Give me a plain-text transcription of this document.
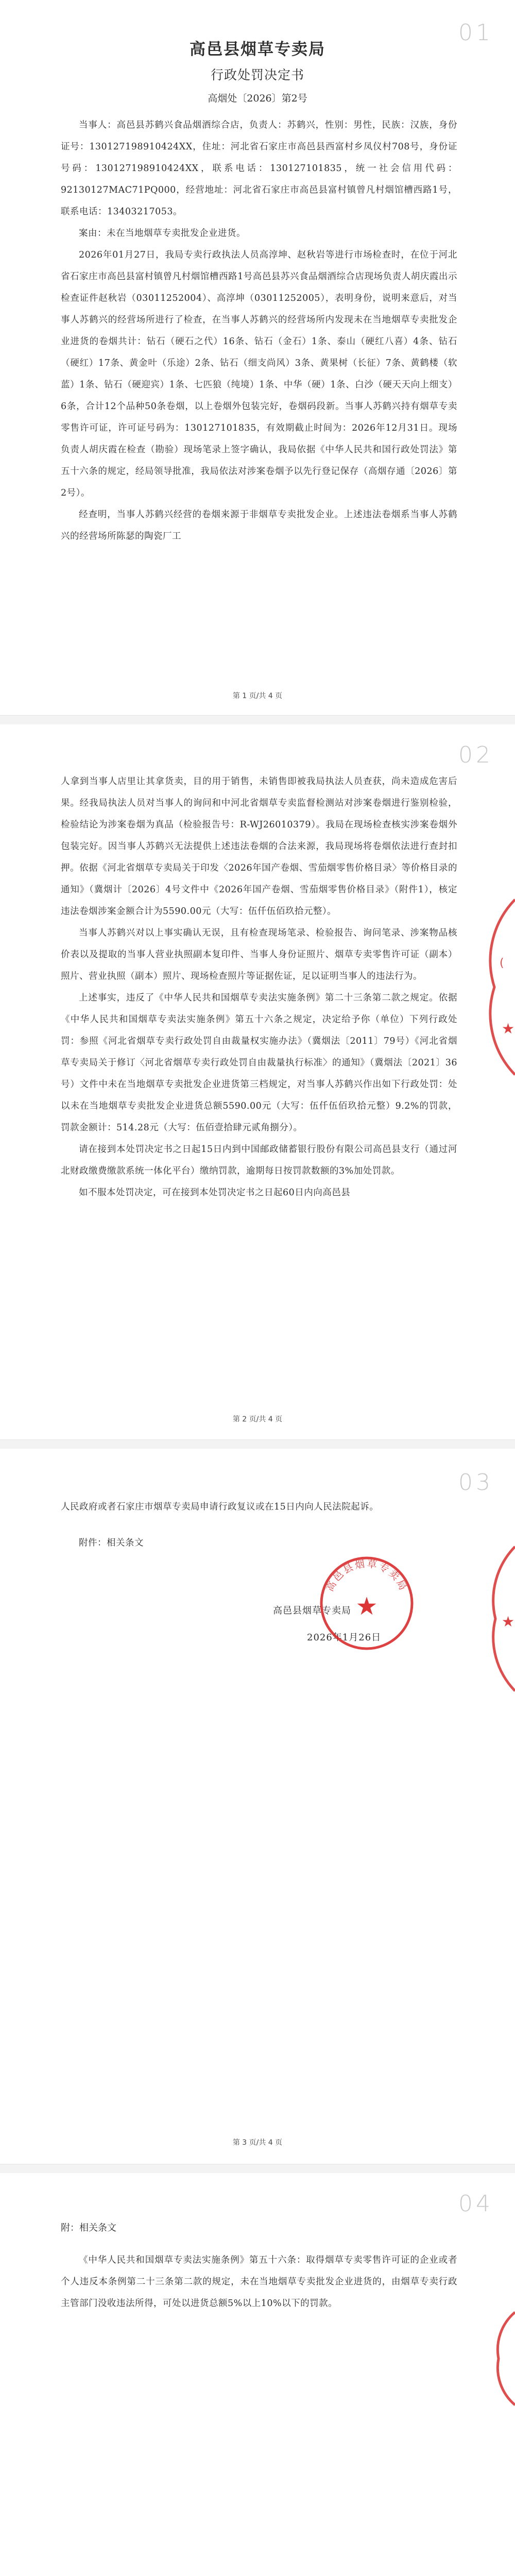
01
高邑县烟草专卖局
行政处罚决定书
高烟处〔2026〕第2号

当事人：高邑县苏鹤兴食品烟酒综合店，负责人：苏鹤兴，性别：男性，民族：汉族，身份证号：130127198910424XX，住址：河北省石家庄市高邑县西富村乡凤仪村708号，身份证号码：130127198910424XX，联系电话：130127101835，统一社会信用代码：92130127MAC71PQ000，经营地址：河北省石家庄市高邑县富村镇曾凡村烟馆槽西路1号，联系电话：13403217053。

案由：未在当地烟草专卖批发企业进货。

2026年01月27日，我局专卖行政执法人员高淳坤、赵秋岩等进行市场检查时，在位于河北省石家庄市高邑县富村镇曾凡村烟馆槽西路1号高邑县苏兴食品烟酒综合店现场负责人胡庆霞出示检查证件赵秋岩（03011252004）、高淳坤（03011252005），表明身份，说明来意后，对当事人苏鹤兴的经营场所进行了检查，在当事人苏鹤兴的经营场所内发现未在当地烟草专卖批发企业进货的卷烟共计：钻石（硬石之代）16条、钻石（金石）1条、泰山（硬红八喜）4条、钻石（硬红）17条、黄金叶（乐途）2条、钻石（细支尚风）3条、黄果树（长征）7条、黄鹤楼（软蓝）1条、钻石（硬迎宾）1条、七匹狼（纯境）1条、中华（硬）1条、白沙（硬天天向上细支）6条，合计12个品种50条卷烟，以上卷烟外包装完好，卷烟码段新。当事人苏鹤兴持有烟草专卖零售许可证，许可证号码为：130127101835，有效期截止时间为：2026年12月31日。现场负责人胡庆霞在检查（勘验）现场笔录上签字确认，我局依据《中华人民共和国行政处罚法》第五十六条的规定，经局领导批准，我局依法对涉案卷烟予以先行登记保存（高烟存通〔2026〕第2号）。

经查明，当事人苏鹤兴经营的卷烟来源于非烟草专卖批发企业。上述违法卷烟系当事人苏鹤兴的经营场所陈瑟的陶瓷厂工

第 1 页/共 4 页
02

人拿到当事人店里让其拿货卖，目的用于销售，未销售即被我局执法人员查获，尚未造成危害后果。经我局执法人员对当事人的询问和中河北省烟草专卖监督检测站对涉案卷烟进行鉴别检验，检验结论为涉案卷烟为真品（检验报告号：R-WJ26010379）。我局在现场检查核实涉案卷烟外包装完好。因当事人苏鹤兴无法提供上述违法卷烟的合法来源，我局现场将卷烟依法进行查封扣押。依据《河北省烟草专卖局关于印发〈2026年国产卷烟、雪茄烟零售价格目录〉等价格目录的通知》（冀烟计〔2026〕4号文件中《2026年国产卷烟、雪茄烟零售价格目录》（附件1），核定违法卷烟涉案金额合计为5590.00元（大写：伍仟伍佰玖拾元整）。

当事人苏鹤兴对以上事实确认无误，且有检查现场笔录、检验报告、询问笔录、涉案物品核价表以及提取的当事人营业执照副本复印件、当事人身份证照片、烟草专卖零售许可证（副本）照片、营业执照（副本）照片、现场检查照片等证据佐证，足以证明当事人的违法行为。

上述事实，违反了《中华人民共和国烟草专卖法实施条例》第二十三条第二款之规定。依据《中华人民共和国烟草专卖法实施条例》第五十六条之规定，决定给予你（单位）下列行政处罚：参照《河北省烟草专卖行政处罚自由裁量权实施办法》（冀烟法〔2011〕79号）《河北省烟草专卖局关于修订〈河北省烟草专卖行政处罚自由裁量执行标准〉的通知》（冀烟法〔2021〕36号）文件中未在当地烟草专卖批发企业进货第三档规定，对当事人苏鹤兴作出如下行政处罚：处以未在当地烟草专卖批发企业进货总额5590.00元（大写：伍仟伍佰玖拾元整）9.2%的罚款，罚款金额计：514.28元（大写：伍佰壹拾肆元贰角捌分）。

请在接到本处罚决定书之日起15日内到中国邮政储蓄银行股份有限公司高邑县支行（通过河北财政缴费缴款系统一体化平台）缴纳罚款，逾期每日按罚款数额的3%加处罚款。

如不服本处罚决定，可在接到本处罚决定书之日起60日内向高邑县

(
★
第 2 页/共 4 页
03

人民政府或者石家庄市烟草专卖局申请行政复议或在15日内向人民法院起诉。

附件：相关条文

高邑县烟草专卖局
2026年1月26日
高邑县烟草专卖局
★
★
第 3 页/共 4 页
04
附：相关条文

《中华人民共和国烟草专卖法实施条例》第五十六条：取得烟草专卖零售许可证的企业或者个人违反本条例第二十三条第二款的规定，未在当地烟草专卖批发企业进货的，由烟草专卖行政主管部门没收违法所得，可处以进货总额5%以上10%以下的罚款。
